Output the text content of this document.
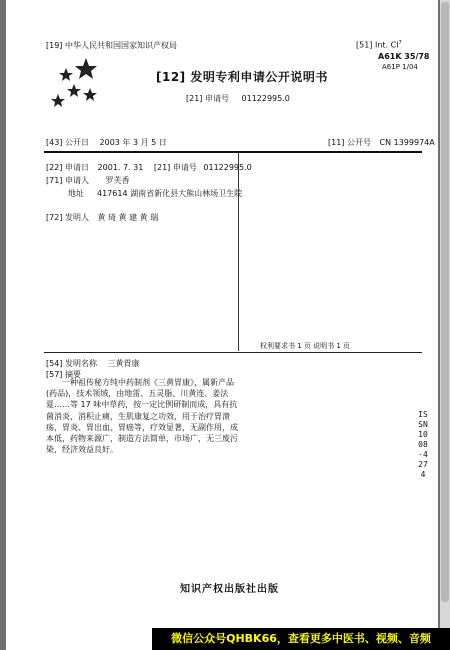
[19] 中华人民共和国国家知识产权局	[51] Int. Cl$^7$
A61K 35/78
A61P 1/04
[12] 发明专利申请公开说明书
[21] 申请号 01122995.0
[43] 公开日 2003 年 3 月 5 日	[11] 公开号 CN 1399974A
[22] 申请日 2001. 7. 31 [21] 申请号 01122995.0
[71] 申请人 罗芙香
地址 417614 湖南省新化县大熊山林场卫生院
[72] 发明人 黄 琦 黄 建 黄 瑞
权利要求书 1 页 说明书 1 页
[54] 发明名称 三黄胃康
[57] 摘要
一种祖传秘方纯中药制剂《三黄胃康》，属新产品(药品)，技术领域，由地雷、五灵脂、川黄连、姜法夏……等 17 味中草药，按一定比例研制而成，具有抗菌消炎，消积止痛，生肌康复之功效，用于治疗胃溃疡，胃炎、胃出血、胃癌等，疗效显著，无副作用，成本低，药物来源广，制造方法简单，市场广，无三废污染，经济效益良好。
ISSN1008-4274
知识产权出版社出版
微信公众号QHBK66，查看更多中医书、视频、音频
